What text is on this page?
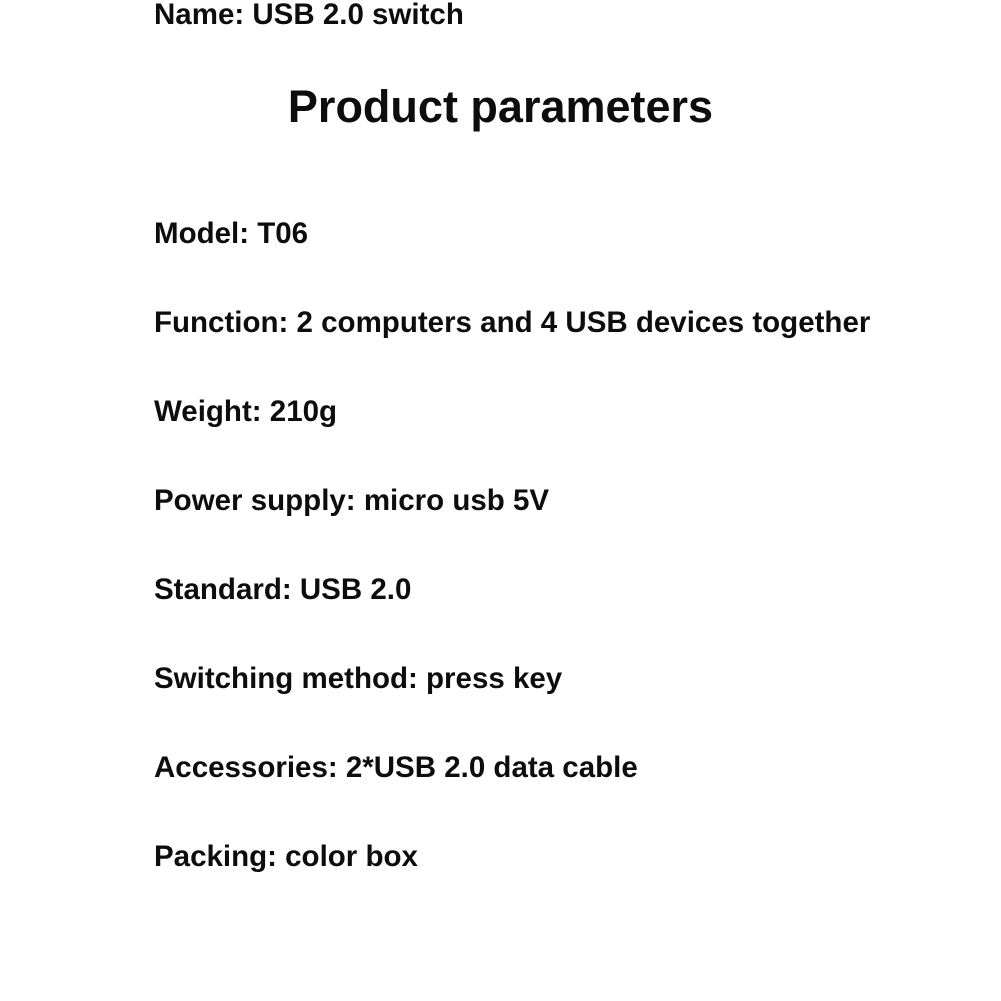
Product parameters
Name: USB 2.0 switch
Model: T06
Function: 2 computers and 4 USB devices together
Weight: 210g
Power supply: micro usb 5V
Standard: USB 2.0
Switching method: press key
Accessories: 2*USB 2.0 data cable
Packing: color box
